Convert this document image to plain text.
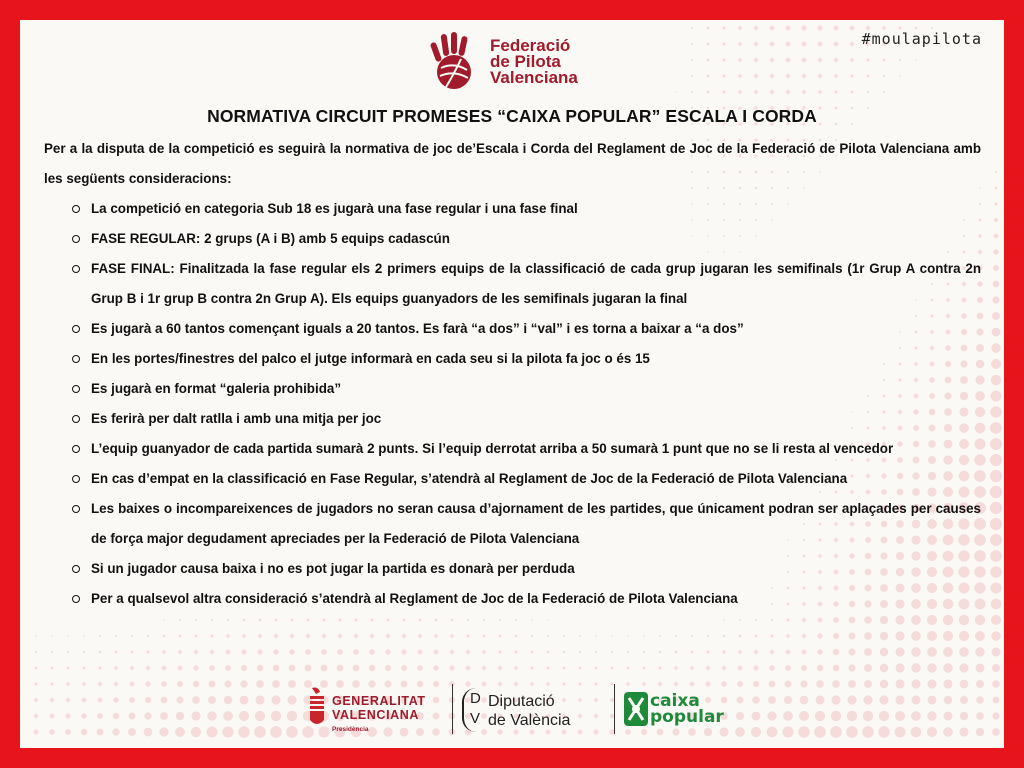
#moulapilota
Federació
de Pilota
Valenciana
NORMATIVA CIRCUIT PROMESES “CAIXA POPULAR” ESCALA I CORDA
Per a la disputa de la competició es seguirà la normativa de joc de’Escala i Corda del Reglament de Joc de la Federació de Pilota Valenciana amb les següents consideracions:
La competició en categoria Sub 18 es jugarà una fase regular i una fase final
FASE REGULAR: 2 grups (A i B) amb 5 equips cadascún
FASE FINAL: Finalitzada la fase regular els 2 primers equips de la classificació de cada grup jugaran les semifinals (1r Grup A contra 2n Grup B i 1r grup B contra 2n Grup A). Els equips guanyadors de les semifinals jugaran la final
Es jugarà a 60 tantos començant iguals a 20 tantos. Es farà “a dos” i “val” i es torna a baixar a “a dos”
En les portes/finestres del palco el jutge informarà en cada seu si la pilota fa joc o és 15
Es jugarà en format “galeria prohibida”
Es ferirà per dalt ratlla i amb una mitja per joc
L’equip guanyador de cada partida sumarà 2 punts. Si l’equip derrotat arriba a 50 sumarà 1 punt que no se li resta al vencedor
En cas d’empat en la classificació en Fase Regular, s’atendrà al Reglament de Joc de la Federació de Pilota Valenciana
Les baixes o incompareixences de jugadors no seran causa d’ajornament de les partides, que únicament podran ser aplaçades per causes de força major degudament apreciades per la Federació de Pilota Valenciana
Si un jugador causa baixa i no es pot jugar la partida es donarà per perduda
Per a qualsevol altra consideració s’atendrà al Reglament de Joc de la Federació de Pilota Valenciana
GENERALITAT
VALENCIANA
Presidència
D
V
Diputació
de València
caixa
popular
